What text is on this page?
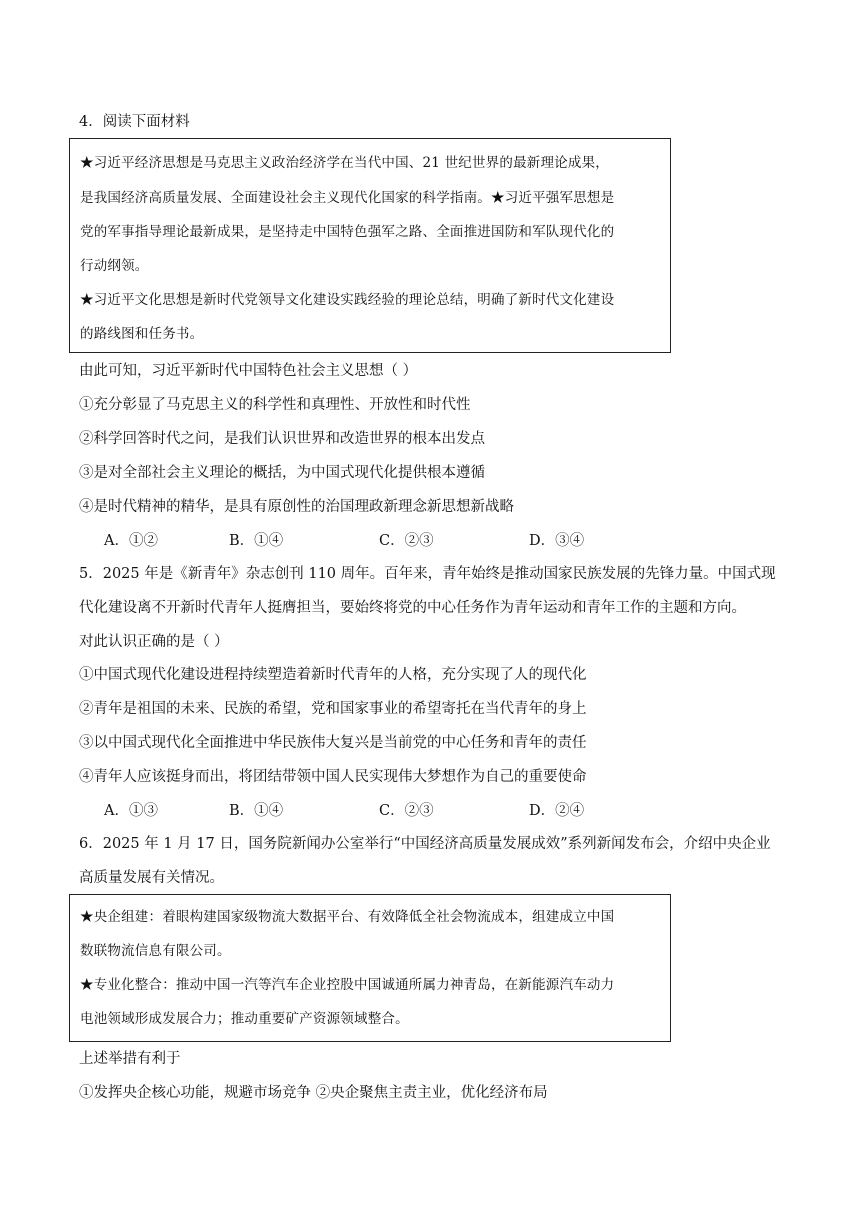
4．阅读下面材料
★习近平经济思想是马克思主义政治经济学在当代中国、21 世纪世界的最新理论成果，
是我国经济高质量发展、全面建设社会主义现代化国家的科学指南。★习近平强军思想是
党的军事指导理论最新成果，是坚持走中国特色强军之路、全面推进国防和军队现代化的
行动纲领。
★习近平文化思想是新时代党领导文化建设实践经验的理论总结，明确了新时代文化建设
的路线图和任务书。
由此可知，习近平新时代中国特色社会主义思想（ ）
①充分彰显了马克思主义的科学性和真理性、开放性和时代性
②科学回答时代之问，是我们认识世界和改造世界的根本出发点
③是对全部社会主义理论的概括，为中国式现代化提供根本遵循
④是时代精神的精华，是具有原创性的治国理政新理念新思想新战略
A．①②	B．①④	C．②③	D．③④
5．2025 年是《新青年》杂志创刊 110 周年。百年来，青年始终是推动国家民族发展的先锋力量。中国式现
代化建设离不开新时代青年人挺膺担当，要始终将党的中心任务作为青年运动和青年工作的主题和方向。
对此认识正确的是（ ）
①中国式现代化建设进程持续塑造着新时代青年的人格，充分实现了人的现代化
②青年是祖国的未来、民族的希望，党和国家事业的希望寄托在当代青年的身上
③以中国式现代化全面推进中华民族伟大复兴是当前党的中心任务和青年的责任
④青年人应该挺身而出，将团结带领中国人民实现伟大梦想作为自己的重要使命
A．①③	B．①④	C．②③	D．②④
6．2025 年 1 月 17 日，国务院新闻办公室举行“中国经济高质量发展成效”系列新闻发布会，介绍中央企业
高质量发展有关情况。
★央企组建：着眼构建国家级物流大数据平台、有效降低全社会物流成本，组建成立中国
数联物流信息有限公司。
★专业化整合：推动中国一汽等汽车企业控股中国诚通所属力神青岛，在新能源汽车动力
电池领域形成发展合力；推动重要矿产资源领域整合。
上述举措有利于
①发挥央企核心功能，规避市场竞争 ②央企聚焦主责主业，优化经济布局
